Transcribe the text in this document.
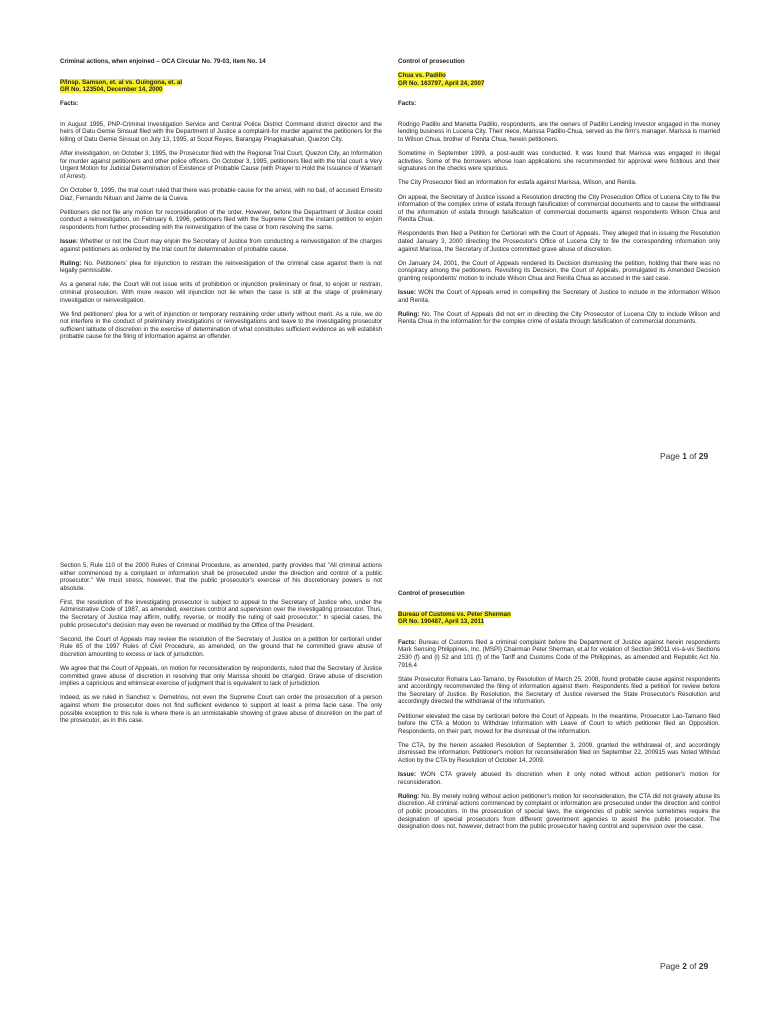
Criminal actions, when enjoined – OCA Circular No. 79-03, item No. 14

P/Insp. Samson, et. al vs. Guingona, et. al
GR No. 123504, December 14, 2000

Facts:

In August 1995, PNP-Criminal Investigation Service and Central Police District Command district director and the heirs of Datu Gemie Sinsuat filed with the Department of Justice a complaint-for murder against the petitioners for the killing of Datu Gemie Sinsuat on July 13, 1995, at Scout Reyes, Barangay Pinagkaisahan, Quezon City.

After investigation, on October 3, 1995, the Prosecutor filed with the Regional Trial Court, Quezon City, an Information for murder against petitioners and other police officers. On October 3, 1995, petitioners filed with the trial court a Very Urgent Motion for Judicial Determination of Existence of Probable Cause (with Prayer to Hold the Issuance of Warrant of Arrest).

On October 9, 1995, the trial court ruled that there was probable cause for the arrest, with no bail, of accused Ernesto Diaz, Fernando Nituan and Jaime de la Cueva.

Petitioners did not file any motion for reconsideration of the order. However, before the Department of Justice could conduct a reinvestigation, on February 6, 1996, petitioners filed with the Supreme Court the instant petition to enjoin respondents from further proceeding with the reinvestigation of the case or from resolving the same.

Issue: Whether or not the Court may enjoin the Secretary of Justice from conducting a reinvestigation of the charges against petitioners as ordered by the trial court for determination of probable cause.

Ruling: No. Petitioners' plea for injunction to restrain the reinvestigation of the criminal case against them is not legally permissible.

As a general rule, the Court will not issue writs of prohibition or injunction preliminary or final, to enjoin or restrain, criminal prosecution. With more reason will injunction not lie when the case is still at the stage of preliminary investigation or reinvestigation.

We find petitioners' plea for a writ of injunction or temporary restraining order utterly without merit. As a rule, we do not interfere in the conduct of preliminary investigations or reinvestigations and leave to the investigating prosecutor sufficient latitude of discretion in the exercise of determination of what constitutes sufficient evidence as will establish probable cause for the filing of information against an offender.

Control of prosecution

Chua vs. Padillo
GR No. 163797, April 24, 2007

Facts:

Rodrigo Padillo and Marietta Padillo, respondents, are the owners of Padillo Lending Investor engaged in the money lending business in Lucena City. Their niece, Marissa Padillo-Chua, served as the firm's manager. Marissa is married to Wilson Chua, brother of Renita Chua, herein petitioners.

Sometime in September 1999, a post-audit was conducted. It was found that Marissa was engaged in illegal activities. Some of the borrowers whose loan applications she recommended for approval were fictitious and their signatures on the checks were spurious.

The City Prosecutor filed an Information for estafa against Marissa, Wilson, and Renita.

On appeal, the Secretary of Justice issued a Resolution directing the City Prosecution Office of Lucena City to file the information of the complex crime of estafa through falsification of commercial documents and to cause the withdrawal of the information of estafa through falsification of commercial documents against respondents Wilson Chua and Renita Chua.

Respondents then filed a Petition for Certiorari with the Court of Appeals. They alleged that in issuing the Resolution dated January 3, 2000 directing the Prosecutor's Office of Lucena City to file the corresponding information only against Marissa, the Secretary of Justice committed grave abuse of discretion.

On January 24, 2001, the Court of Appeals rendered its Decision dismissing the petition, holding that there was no conspiracy among the petitioners. Revisiting its Decision, the Court of Appeals, promulgated its Amended Decision granting respondents' motion to include Wilson Chua and Renita Chua as accused in the said case.

Issue: WON the Court of Appeals erred in compelling the Secretary of Justice to include in the information Wilson and Renita.

Ruling: No. The Court of Appeals did not err in directing the City Prosecutor of Lucena City to include Wilson and Renita Chua in the information for the complex crime of estafa through falsification of commercial documents.

Page 1 of 29

Section 5, Rule 110 of the 2000 Rules of Criminal Procedure, as amended, partly provides that "All criminal actions either commenced by a complaint or information shall be prosecuted under the direction and control of a public prosecutor." We must stress, however, that the public prosecutor's exercise of his discretionary powers is not absolute.

First, the resolution of the investigating prosecutor is subject to appeal to the Secretary of Justice who, under the Administrative Code of 1987, as amended, exercises control and supervision over the investigating prosecutor. Thus, the Secretary of Justice may affirm, nullify, reverse, or modify the ruling of said prosecutor." In special cases, the public prosecutor's decision may even be reversed or modified by the Office of the President.

Second, the Court of Appeals may review the resolution of the Secretary of Justice on a petition for certiorari under Rule 65 of the 1997 Rules of Civil Procedure, as amended, on the ground that he committed grave abuse of discretion amounting to excess or lack of jurisdiction.

We agree that the Court of Appeals, on motion for reconsideration by respondents, ruled that the Secretary of Justice committed grave abuse of discretion in resolving that only Marissa should be charged. Grave abuse of discretion implies a capricious and whimsical exercise of judgment that is equivalent to lack of jurisdiction.

Indeed, as we ruled in Sanchez v. Demetriou, not even the Supreme Court can order the prosecution of a person against whom the prosecutor does not find sufficient evidence to support at least a prima facie case. The only possible exception to this rule is where there is an unmistakable showing of grave abuse of discretion on the part of the prosecutor, as in this case.

Control of prosecution

Bureau of Customs vs. Peter Sherman
GR No. 190487, April 13, 2011

Facts: Bureau of Customs filed a criminal complaint before the Department of Justice against herein respondents Mark Sensing Philippines, Inc. (MSPI) Chairman Peter Sherman, et.al for violation of Section 36011 vis-à-vis Sections 2530 (f) and (l) 52 and 101 (f) of the Tariff and Customs Code of the Philippines, as amended and Republic Act No. 7916.4

State Prosecutor Rohaira Lao-Tamano, by Resolution of March 25, 2008, found probable cause against respondents and accordingly recommended the filing of information against them. Respondents filed a petition for review before the Secretary of Justice. By Resolution, the Secretary of Justice reversed the State Prosecutor's Resolution and accordingly directed the withdrawal of the information.

Petitioner elevated the case by certiorari before the Court of Appeals. In the meantime, Prosecutor Lao-Tamano filed before the CTA a Motion to Withdraw Information with Leave of Court to which petitioner filed an Opposition. Respondents, on their part, moved for the dismissal of the information.

The CTA, by the herein assailed Resolution of September 3, 2009, granted the withdrawal of, and accordingly dismissed the information. Petitioner's motion for reconsideration filed on September 22, 200915 was Noted Without Action by the CTA by Resolution of October 14, 2009.

Issue: WON CTA gravely abused its discretion when it only noted without action petitioner's motion for reconsideration.

Ruling: No. By merely noting without action petitioner's motion for reconsideration, the CTA did not gravely abuse its discretion. All criminal actions commenced by complaint or information are prosecuted under the direction and control of public prosecutors. In the prosecution of special laws, the exigencies of public service sometimes require the designation of special prosecutors from different government agencies to assist the public prosecutor. The designation does not, however, detract from the public prosecutor having control and supervision over the case.

Page 2 of 29
